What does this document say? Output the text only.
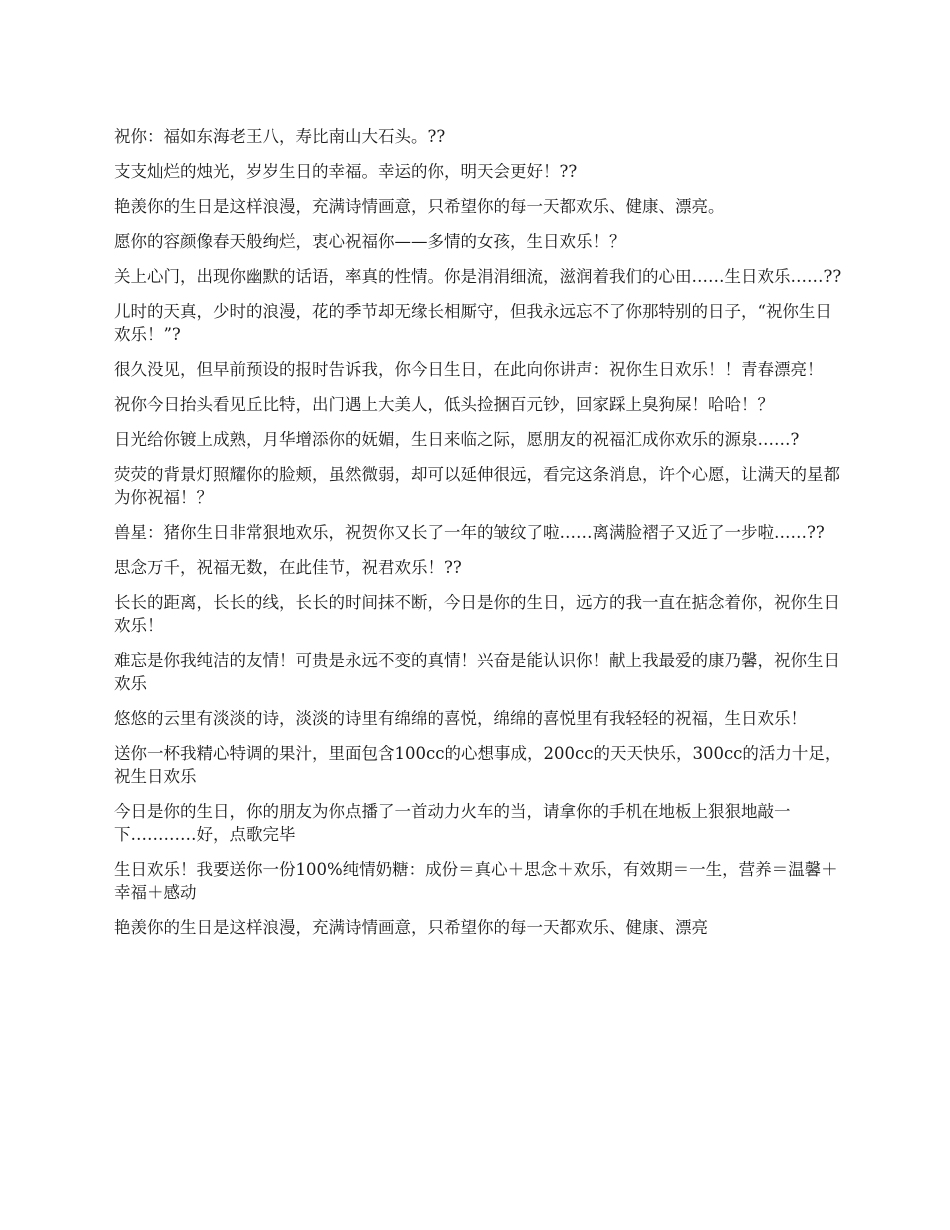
祝你：福如东海老王八，寿比南山大石头。??

支支灿烂的烛光，岁岁生日的幸福。幸运的你，明天会更好！??

艳羡你的生日是这样浪漫，充满诗情画意，只希望你的每一天都欢乐、健康、漂亮。

愿你的容颜像春天般绚烂，衷心祝福你——多情的女孩，生日欢乐！？

关上心门，出现你幽默的话语，率真的性情。你是涓涓细流，滋润着我们的心田……生日欢乐……??

儿时的天真，少时的浪漫，花的季节却无缘长相厮守，但我永远忘不了你那特别的日子，“祝你生日欢乐！”?

很久没见，但早前预设的报时告诉我，你今日生日，在此向你讲声：祝你生日欢乐！！青春漂亮！

祝你今日抬头看见丘比特，出门遇上大美人，低头捡捆百元钞，回家踩上臭狗屎！哈哈！？

日光给你镀上成熟，月华增添你的妩媚，生日来临之际，愿朋友的祝福汇成你欢乐的源泉……?

荧荧的背景灯照耀你的脸颊，虽然微弱，却可以延伸很远，看完这条消息，许个心愿，让满天的星都为你祝福！？

兽星：猪你生日非常狠地欢乐，祝贺你又长了一年的皱纹了啦……离满脸褶子又近了一步啦……??

思念万千，祝福无数，在此佳节，祝君欢乐！??

长长的距离，长长的线，长长的时间抹不断，今日是你的生日，远方的我一直在掂念着你，祝你生日欢乐！

难忘是你我纯洁的友情！可贵是永远不变的真情！兴奋是能认识你！献上我最爱的康乃馨，祝你生日欢乐

悠悠的云里有淡淡的诗，淡淡的诗里有绵绵的喜悦，绵绵的喜悦里有我轻轻的祝福，生日欢乐！

送你一杯我精心特调的果汁，里面包含100cc的心想事成，200cc的天天快乐，300cc的活力十足，祝生日欢乐

今日是你的生日，你的朋友为你点播了一首动力火车的当，请拿你的手机在地板上狠狠地敲一下…………好，点歌完毕

生日欢乐！我要送你一份100%纯情奶糖：成份＝真心＋思念＋欢乐，有效期＝一生，营养＝温馨＋幸福＋感动

艳羡你的生日是这样浪漫，充满诗情画意，只希望你的每一天都欢乐、健康、漂亮
